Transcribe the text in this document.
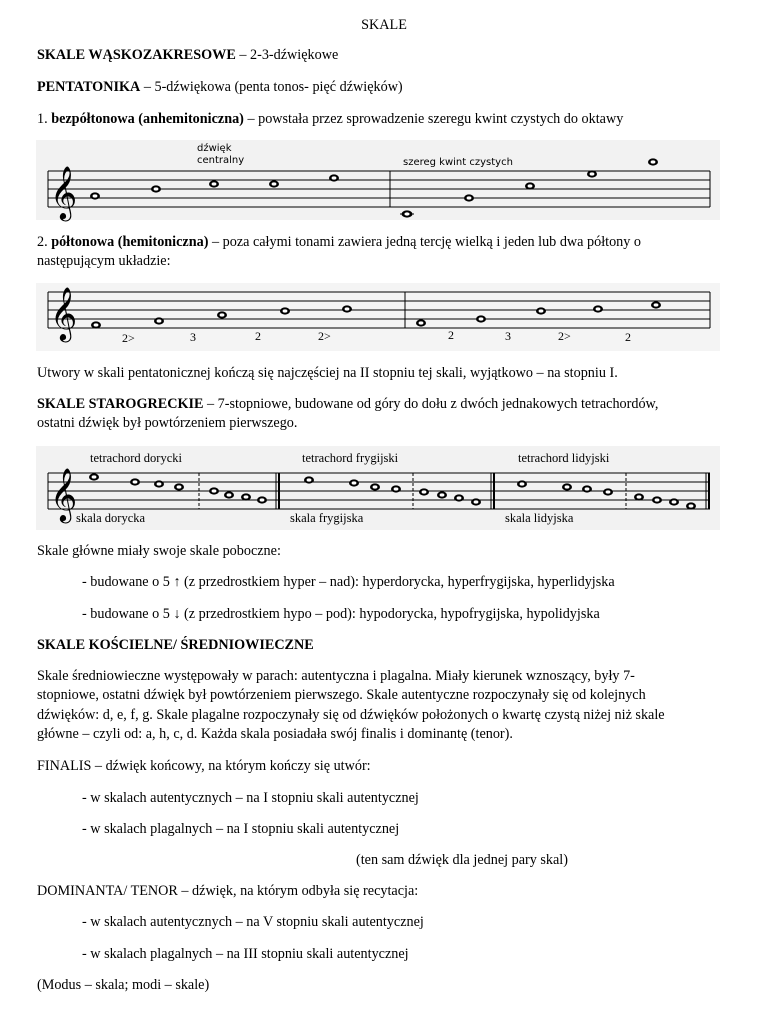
SKALE
SKALE WĄSKOZAKRESOWE – 2-3-dźwiękowe
PENTATONIKA – 5-dźwiękowa (penta tonos- pięć dźwięków)
1. bezpółtonowa (anhemitoniczna) – powstała przez sprowadzenie szeregu kwint czystych do oktawy
𝄞
dźwięk
centralny	szereg kwint czystych
2. półtonowa (hemitoniczna) – poza całymi tonami zawiera jedną tercję wielką i jeden lub dwa półtony o
następującym układzie:
𝄞	2>	3	2	2>	2	3	2>	2
Utwory w skali pentatonicznej kończą się najczęściej na II stopniu tej skali, wyjątkowo – na stopniu I.
SKALE STAROGRECKIE – 7-stopniowe, budowane od góry do dołu z dwóch jednakowych tetrachordów,
ostatni dźwięk był powtórzeniem pierwszego.
𝄞
tetrachord dorycki	tetrachord frygijski	tetrachord lidyjski
skala dorycka	skala frygijska	skala lidyjska
Skale główne miały swoje skale poboczne:
- budowane o 5 ↑ (z przedrostkiem hyper – nad): hyperdorycka, hyperfrygijska, hyperlidyjska
- budowane o 5 ↓ (z przedrostkiem hypo – pod): hypodorycka, hypofrygijska, hypolidyjska
SKALE KOŚCIELNE/ ŚREDNIOWIECZNE
Skale średniowieczne występowały w parach: autentyczna i plagalna. Miały kierunek wznoszący, były 7-
stopniowe, ostatni dźwięk był powtórzeniem pierwszego. Skale autentyczne rozpoczynały się od kolejnych
dźwięków: d, e, f, g. Skale plagalne rozpoczynały się od dźwięków położonych o kwartę czystą niżej niż skale
główne – czyli od: a, h, c, d. Każda skala posiadała swój finalis i dominantę (tenor).
FINALIS – dźwięk końcowy, na którym kończy się utwór:
- w skalach autentycznych – na I stopniu skali autentycznej
- w skalach plagalnych – na I stopniu skali autentycznej
(ten sam dźwięk dla jednej pary skal)
DOMINANTA/ TENOR – dźwięk, na którym odbyła się recytacja:
- w skalach autentycznych – na V stopniu skali autentycznej
- w skalach plagalnych – na III stopniu skali autentycznej
(Modus – skala; modi – skale)
